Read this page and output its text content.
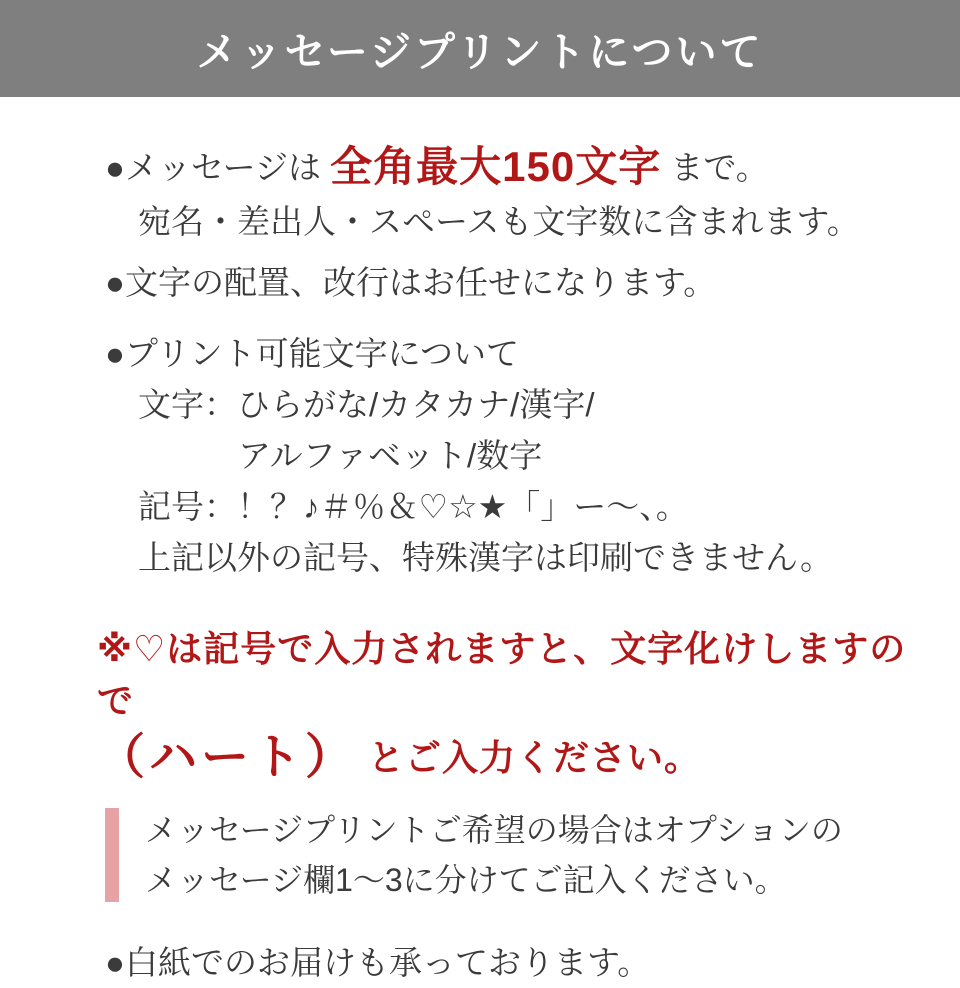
メッセージプリントについて
●メッセージは 全角最大150文字 まで。
宛名・差出人・スペースも文字数に含まれます。
● 文字の配置、改行はお任せになります。
● プリント可能文字について
文字：ひらがな/カタカナ/漢字/
アルファベット/数字
記号：！？♪＃％＆♡☆★「」ー〜、。
上記以外の記号、特殊漢字は印刷できません。
※♡は記号で入力されますと、文字化けしますので
（ハート） とご入力ください。
メッセージプリントご希望の場合はオプションの
メッセージ欄1〜3に分けてご記入ください。
● 白紙でのお届けも承っております。
